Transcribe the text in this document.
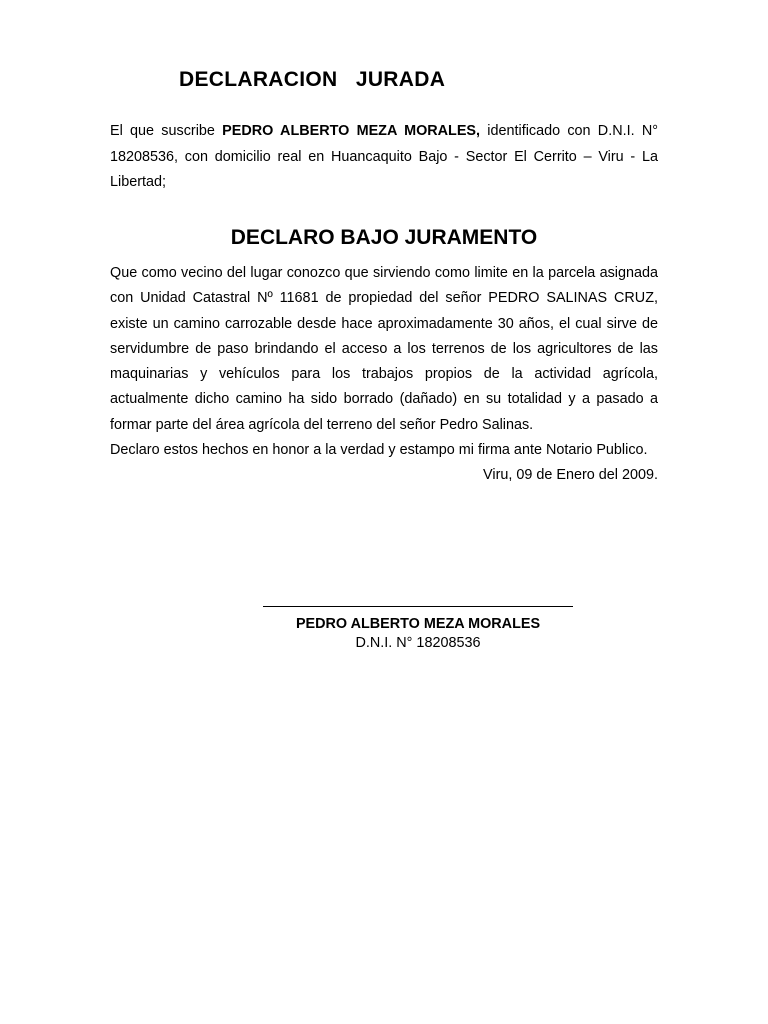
DECLARACION   JURADA

El que suscribe PEDRO ALBERTO MEZA MORALES, identificado con D.N.I. N° 18208536, con domicilio real en Huancaquito Bajo - Sector El Cerrito – Viru - La Libertad;

DECLARO BAJO JURAMENTO

Que como vecino del lugar conozco que sirviendo como limite en la parcela asignada con Unidad Catastral Nº 11681 de propiedad del señor PEDRO SALINAS CRUZ, existe un camino carrozable desde hace aproximadamente 30 años, el cual sirve de servidumbre de paso brindando el acceso a los terrenos de los agricultores de las maquinarias y vehículos para los trabajos propios de la actividad agrícola, actualmente dicho camino ha sido borrado (dañado) en su totalidad y a pasado a formar parte del área agrícola del terreno del señor Pedro Salinas.

Declaro estos hechos en honor a la verdad y estampo mi firma ante Notario Publico.

Viru, 09 de Enero del 2009.

PEDRO ALBERTO MEZA MORALES

D.N.I. N° 18208536
